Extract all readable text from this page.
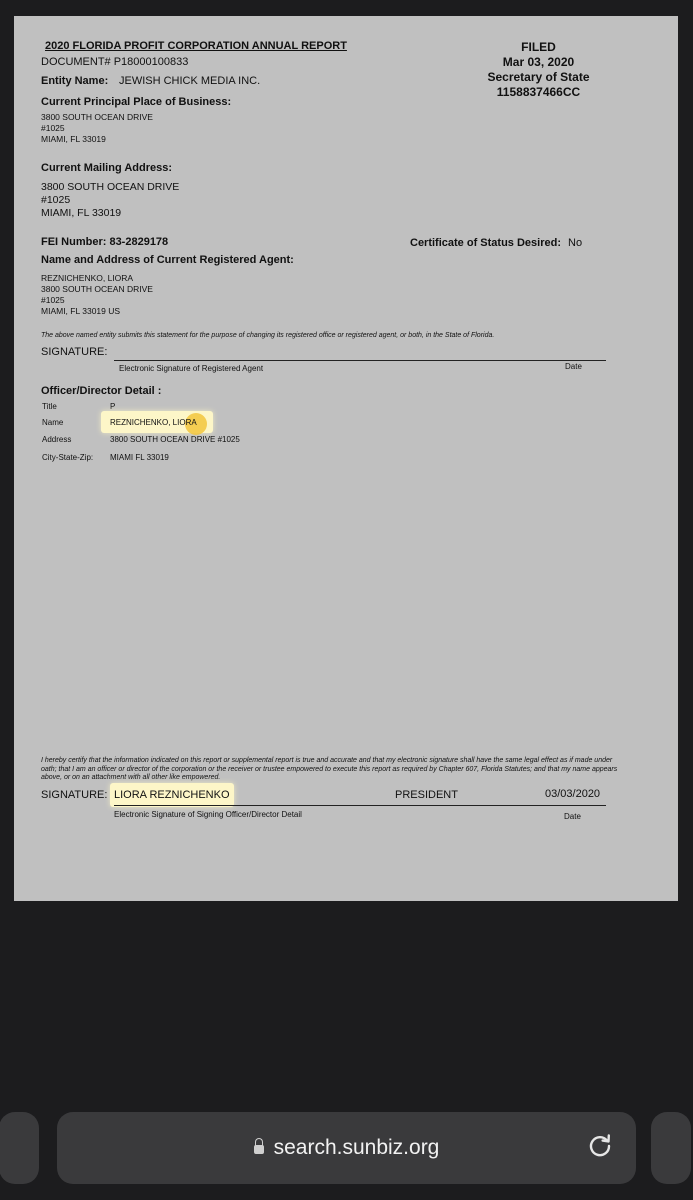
2020 FLORIDA PROFIT CORPORATION ANNUAL REPORT
DOCUMENT# P18000100833
Entity Name: JEWISH CHICK MEDIA INC.
FILED
Mar 03, 2020
Secretary of State
1158837466CC
Current Principal Place of Business:
3800 SOUTH OCEAN DRIVE
#1025
MIAMI, FL 33019
Current Mailing Address:
3800 SOUTH OCEAN DRIVE
#1025
MIAMI, FL 33019
FEI Number: 83-2829178	Certificate of Status Desired: No
Name and Address of Current Registered Agent:
REZNICHENKO, LIORA
3800 SOUTH OCEAN DRIVE
#1025
MIAMI, FL 33019 US
The above named entity submits this statement for the purpose of changing its registered office or registered agent, or both, in the State of Florida.
SIGNATURE:
Electronic Signature of Registered Agent	Date
Officer/Director Detail :
Title	P
Name	REZNICHENKO, LIORA
Address	3800 SOUTH OCEAN DRIVE #1025
City-State-Zip: MIAMI FL 33019
I hereby certify that the information indicated on this report or supplemental report is true and accurate and that my electronic signature shall have the same legal effect as if made under
oath; that I am an officer or director of the corporation or the receiver or trustee empowered to execute this report as required by Chapter 607, Florida Statutes; and that my name appears
above, or on an attachment with all other like empowered.
SIGNATURE: LIORA REZNICHENKO	PRESIDENT	03/03/2020
Electronic Signature of Signing Officer/Director Detail	Date
search.sunbiz.org
